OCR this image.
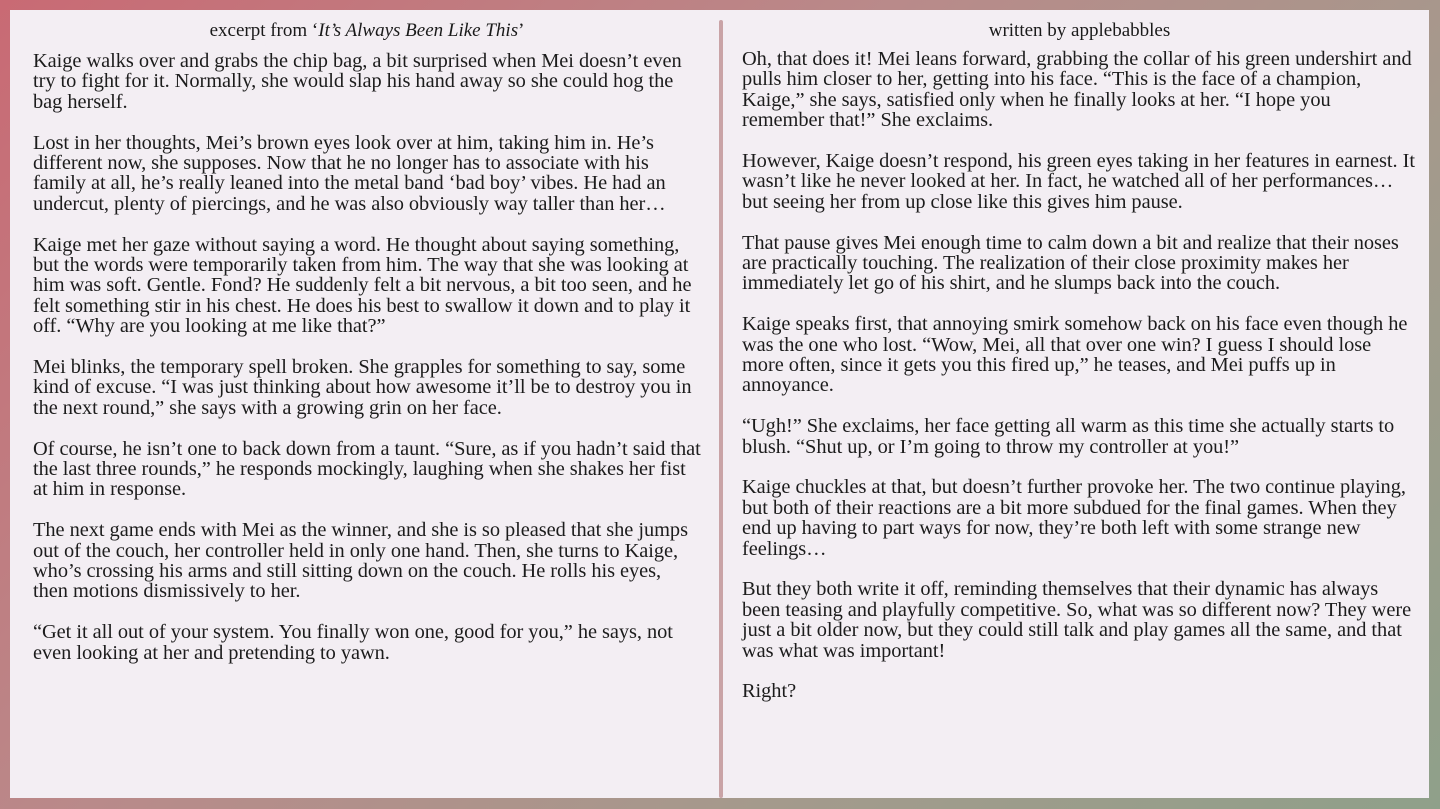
excerpt from ‘It’s Always Been Like This’

Kaige walks over and grabs the chip bag, a bit surprised when Mei doesn’t even try to fight for it. Normally, she would slap his hand away so she could hog the bag herself.

Lost in her thoughts, Mei’s brown eyes look over at him, taking him in. He’s different now, she supposes. Now that he no longer has to associate with his family at all, he’s really leaned into the metal band ‘bad boy’ vibes. He had an undercut, plenty of piercings, and he was also obviously way taller than her…

Kaige met her gaze without saying a word. He thought about saying something, but the words were temporarily taken from him. The way that she was looking at him was soft. Gentle. Fond? He suddenly felt a bit nervous, a bit too seen, and he felt something stir in his chest. He does his best to swallow it down and to play it off. “Why are you looking at me like that?”

Mei blinks, the temporary spell broken. She grapples for something to say, some kind of excuse. “I was just thinking about how awesome it’ll be to destroy you in the next round,” she says with a growing grin on her face.

Of course, he isn’t one to back down from a taunt. “Sure, as if you hadn’t said that the last three rounds,” he responds mockingly, laughing when she shakes her fist at him in response.

The next game ends with Mei as the winner, and she is so pleased that she jumps out of the couch, her controller held in only one hand. Then, she turns to Kaige, who’s crossing his arms and still sitting down on the couch. He rolls his eyes, then motions dismissively to her.

“Get it all out of your system. You finally won one, good for you,” he says, not even looking at her and pretending to yawn.

written by applebabbles

Oh, that does it! Mei leans forward, grabbing the collar of his green undershirt and pulls him closer to her, getting into his face. “This is the face of a champion, Kaige,” she says, satisfied only when he finally looks at her. “I hope you remember that!” She exclaims.

However, Kaige doesn’t respond, his green eyes taking in her features in earnest. It wasn’t like he never looked at her. In fact, he watched all of her performances… but seeing her from up close like this gives him pause.

That pause gives Mei enough time to calm down a bit and realize that their noses are practically touching. The realization of their close proximity makes her immediately let go of his shirt, and he slumps back into the couch.

Kaige speaks first, that annoying smirk somehow back on his face even though he was the one who lost. “Wow, Mei, all that over one win? I guess I should lose more often, since it gets you this fired up,” he teases, and Mei puffs up in annoyance.

“Ugh!” She exclaims, her face getting all warm as this time she actually starts to blush. “Shut up, or I’m going to throw my controller at you!”

Kaige chuckles at that, but doesn’t further provoke her. The two continue playing, but both of their reactions are a bit more subdued for the final games. When they end up having to part ways for now, they’re both left with some strange new feelings…

But they both write it off, reminding themselves that their dynamic has always been teasing and playfully competitive. So, what was so different now? They were just a bit older now, but they could still talk and play games all the same, and that was what was important!

Right?
